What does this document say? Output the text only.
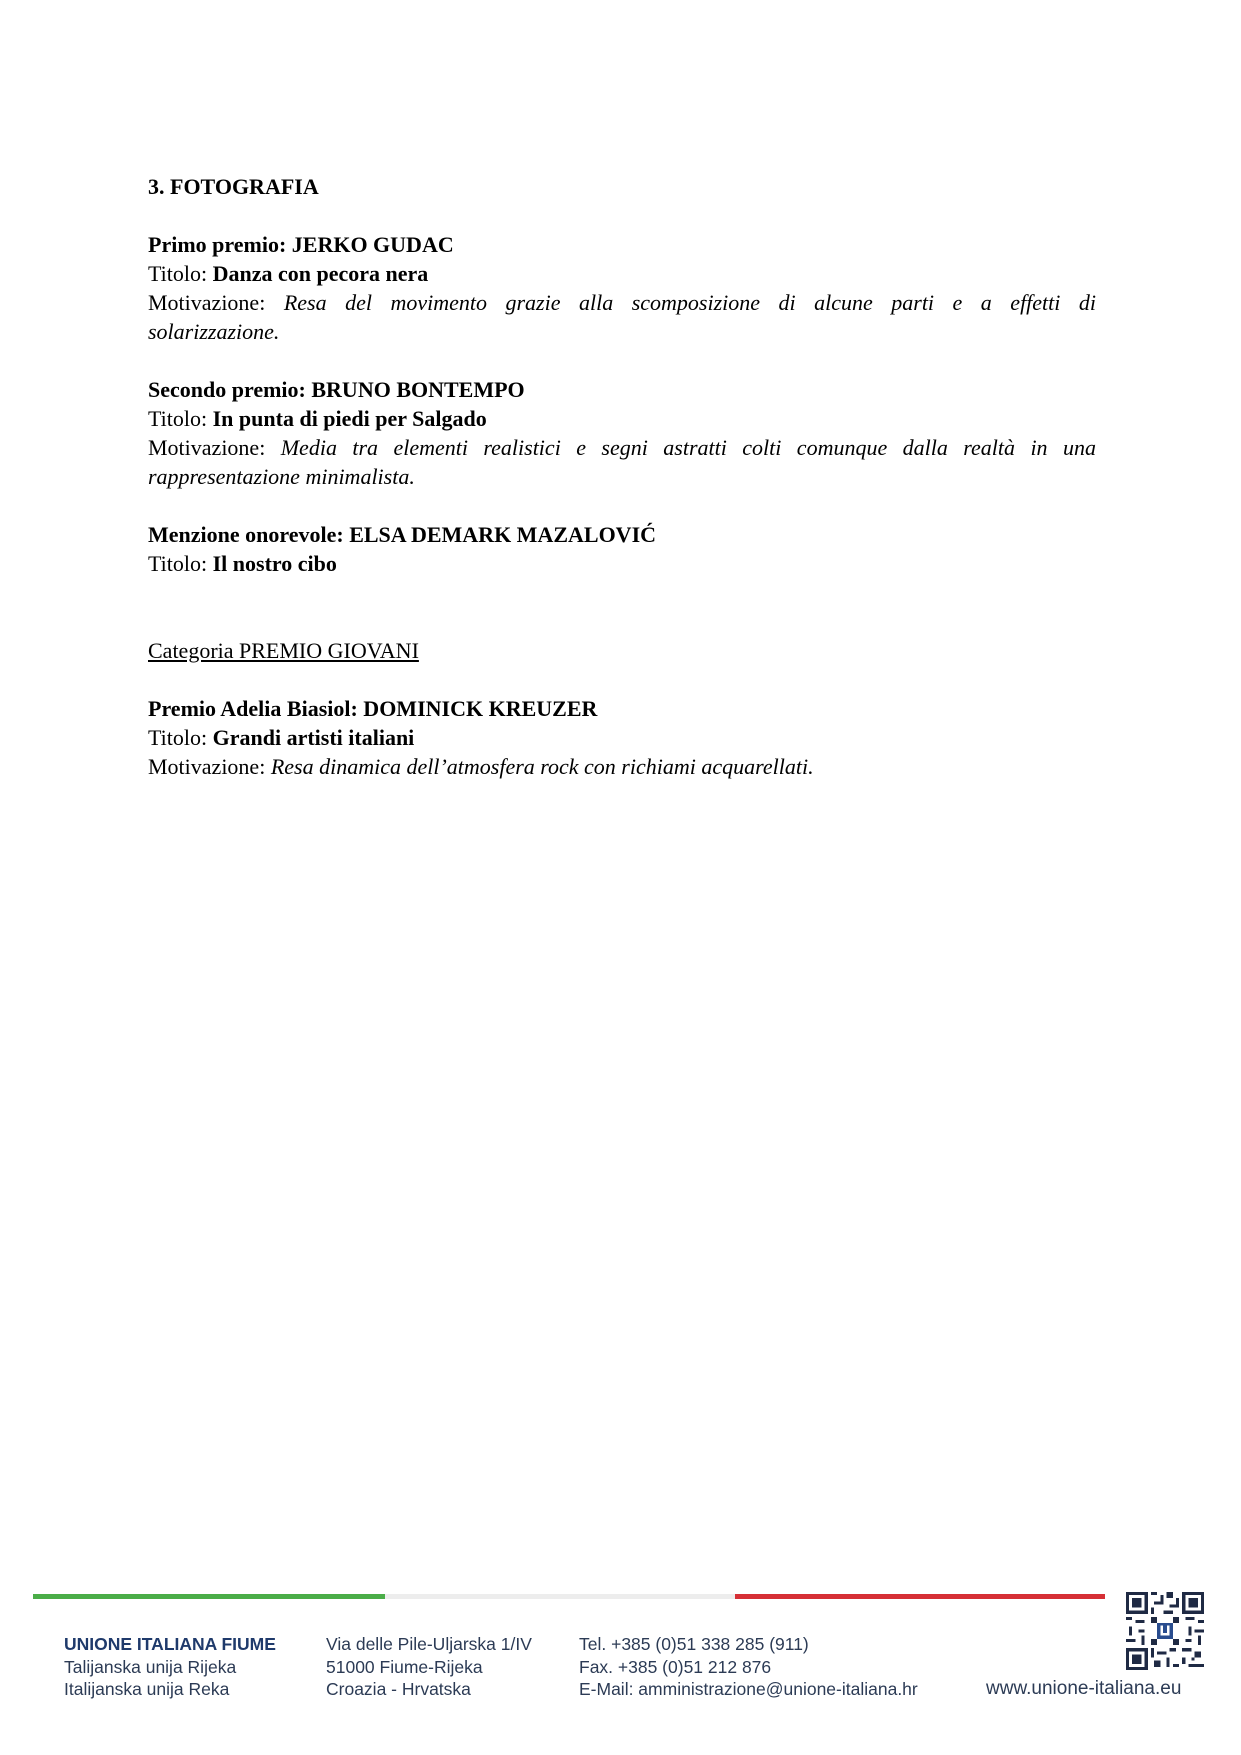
3. FOTOGRAFIA

Primo premio: JERKO GUDAC

Titolo: Danza con pecora nera

Motivazione: Resa del movimento grazie alla scomposizione di alcune parti e a effetti di

solarizzazione.

Secondo premio: BRUNO BONTEMPO

Titolo: In punta di piedi per Salgado

Motivazione: Media tra elementi realistici e segni astratti colti comunque dalla realtà in una

rappresentazione minimalista.

Menzione onorevole: ELSA DEMARK MAZALOVIĆ

Titolo: Il nostro cibo

Categoria PREMIO GIOVANI

Premio Adelia Biasiol: DOMINICK KREUZER

Titolo: Grandi artisti italiani

Motivazione: Resa dinamica dell’atmosfera rock con richiami acquarellati.

UNIONE ITALIANA FIUME
Talijanska unija Rijeka
Italijanska unija Reka
Via delle Pile-Uljarska 1/IV
51000 Fiume-Rijeka
Croazia - Hrvatska
Tel. +385 (0)51 338 285 (911)
Fax. +385 (0)51 212 876
E-Mail: amministrazione@unione-italiana.hr	www.unione-italiana.eu
